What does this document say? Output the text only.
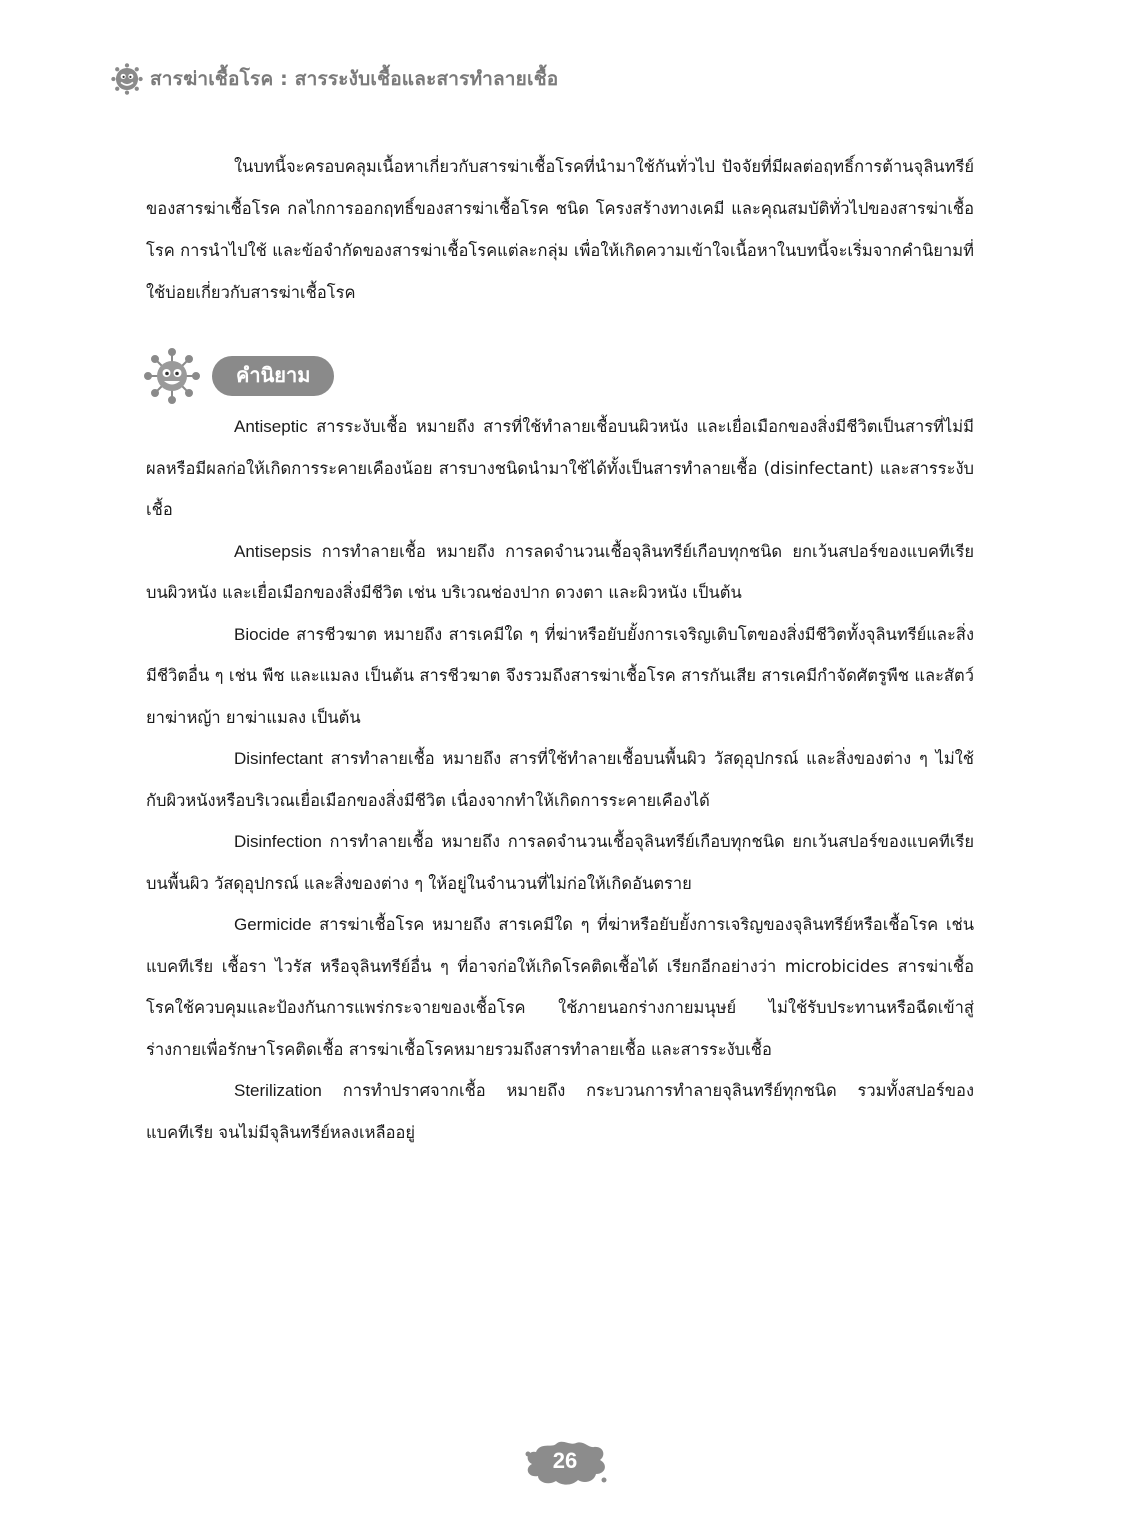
สารฆ่าเชื้อโรค : สารระงับเชื้อและสารทำลายเชื้อ

ในบทนี้จะครอบคลุมเนื้อหาเกี่ยวกับสารฆ่าเชื้อโรคที่นำมาใช้กันทั่วไป ปัจจัยที่มีผลต่อฤทธิ์การต้านจุลินทรีย์ของสารฆ่าเชื้อโรค กลไกการออกฤทธิ์ของสารฆ่าเชื้อโรค ชนิด โครงสร้างทางเคมี และคุณสมบัติทั่วไปของสารฆ่าเชื้อโรค การนำไปใช้ และข้อจำกัดของสารฆ่าเชื้อโรคแต่ละกลุ่ม เพื่อให้เกิดความเข้าใจเนื้อหาในบทนี้จะเริ่มจากคำนิยามที่ใช้บ่อยเกี่ยวกับสารฆ่าเชื้อโรค

คำนิยาม

Antiseptic สารระงับเชื้อ หมายถึง สารที่ใช้ทำลายเชื้อบนผิวหนัง และเยื่อเมือกของสิ่งมีชีวิตเป็นสารที่ไม่มีผลหรือมีผลก่อให้เกิดการระคายเคืองน้อย สารบางชนิดนำมาใช้ได้ทั้งเป็นสารทำลายเชื้อ (disinfectant) และสารระงับเชื้อ

Antisepsis การทำลายเชื้อ หมายถึง การลดจำนวนเชื้อจุลินทรีย์เกือบทุกชนิด ยกเว้นสปอร์ของแบคทีเรียบนผิวหนัง และเยื่อเมือกของสิ่งมีชีวิต เช่น บริเวณช่องปาก ดวงตา และผิวหนัง เป็นต้น

Biocide สารชีวฆาต หมายถึง สารเคมีใด ๆ ที่ฆ่าหรือยับยั้งการเจริญเติบโตของสิ่งมีชีวิตทั้งจุลินทรีย์และสิ่งมีชีวิตอื่น ๆ เช่น พืช และแมลง เป็นต้น สารชีวฆาต จึงรวมถึงสารฆ่าเชื้อโรค สารกันเสีย สารเคมีกำจัดศัตรูพืช และสัตว์ ยาฆ่าหญ้า ยาฆ่าแมลง เป็นต้น

Disinfectant สารทำลายเชื้อ หมายถึง สารที่ใช้ทำลายเชื้อบนพื้นผิว วัสดุอุปกรณ์ และสิ่งของต่าง ๆ ไม่ใช้กับผิวหนังหรือบริเวณเยื่อเมือกของสิ่งมีชีวิต เนื่องจากทำให้เกิดการระคายเคืองได้

Disinfection การทำลายเชื้อ หมายถึง การลดจำนวนเชื้อจุลินทรีย์เกือบทุกชนิด ยกเว้นสปอร์ของแบคทีเรียบนพื้นผิว วัสดุอุปกรณ์ และสิ่งของต่าง ๆ ให้อยู่ในจำนวนที่ไม่ก่อให้เกิดอันตราย

Germicide สารฆ่าเชื้อโรค หมายถึง สารเคมีใด ๆ ที่ฆ่าหรือยับยั้งการเจริญของจุลินทรีย์หรือเชื้อโรค เช่น แบคทีเรีย เชื้อรา ไวรัส หรือจุลินทรีย์อื่น ๆ ที่อาจก่อให้เกิดโรคติดเชื้อได้ เรียกอีกอย่างว่า microbicides สารฆ่าเชื้อโรคใช้ควบคุมและป้องกันการแพร่กระจายของเชื้อโรค ใช้ภายนอกร่างกายมนุษย์ ไม่ใช้รับประทานหรือฉีดเข้าสู่ร่างกายเพื่อรักษาโรคติดเชื้อ สารฆ่าเชื้อโรคหมายรวมถึงสารทำลายเชื้อ และสารระงับเชื้อ

Sterilization การทำปราศจากเชื้อ หมายถึง กระบวนการทำลายจุลินทรีย์ทุกชนิด รวมทั้งสปอร์ของแบคทีเรีย จนไม่มีจุลินทรีย์หลงเหลืออยู่

26
